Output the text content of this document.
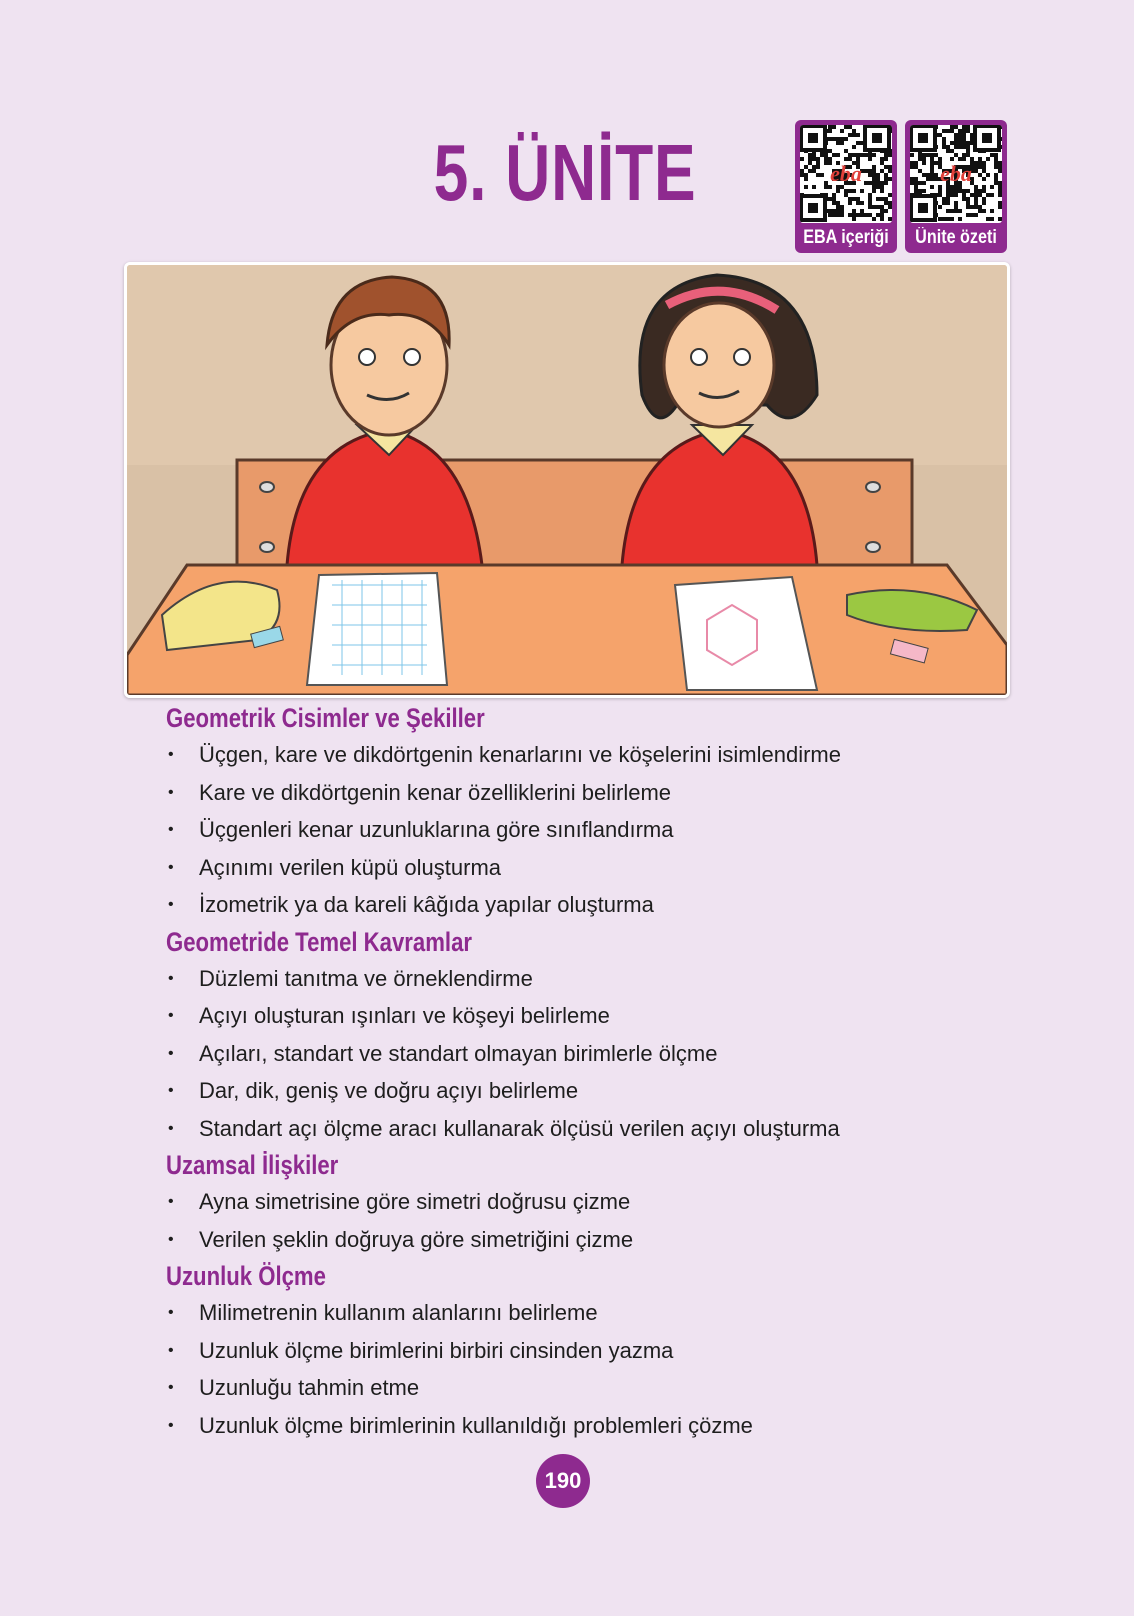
5. ÜNİTE	eba
EBA içeriği
eba
Ünite özeti
Geometrik Cisimler ve Şekiller
• Üçgen, kare ve dikdörtgenin kenarlarını ve köşelerini isimlendirme
• Kare ve dikdörtgenin kenar özelliklerini belirleme
• Üçgenleri kenar uzunluklarına göre sınıflandırma
• Açınımı verilen küpü oluşturma
• İzometrik ya da kareli kâğıda yapılar oluşturma
Geometride Temel Kavramlar
• Düzlemi tanıtma ve örneklendirme
• Açıyı oluşturan ışınları ve köşeyi belirleme
• Açıları, standart ve standart olmayan birimlerle ölçme
• Dar, dik, geniş ve doğru açıyı belirleme
• Standart açı ölçme aracı kullanarak ölçüsü verilen açıyı oluşturma
Uzamsal İlişkiler
• Ayna simetrisine göre simetri doğrusu çizme
• Verilen şeklin doğruya göre simetriğini çizme
Uzunluk Ölçme
• Milimetrenin kullanım alanlarını belirleme
• Uzunluk ölçme birimlerini birbiri cinsinden yazma
• Uzunluğu tahmin etme
• Uzunluk ölçme birimlerinin kullanıldığı problemleri çözme
190
